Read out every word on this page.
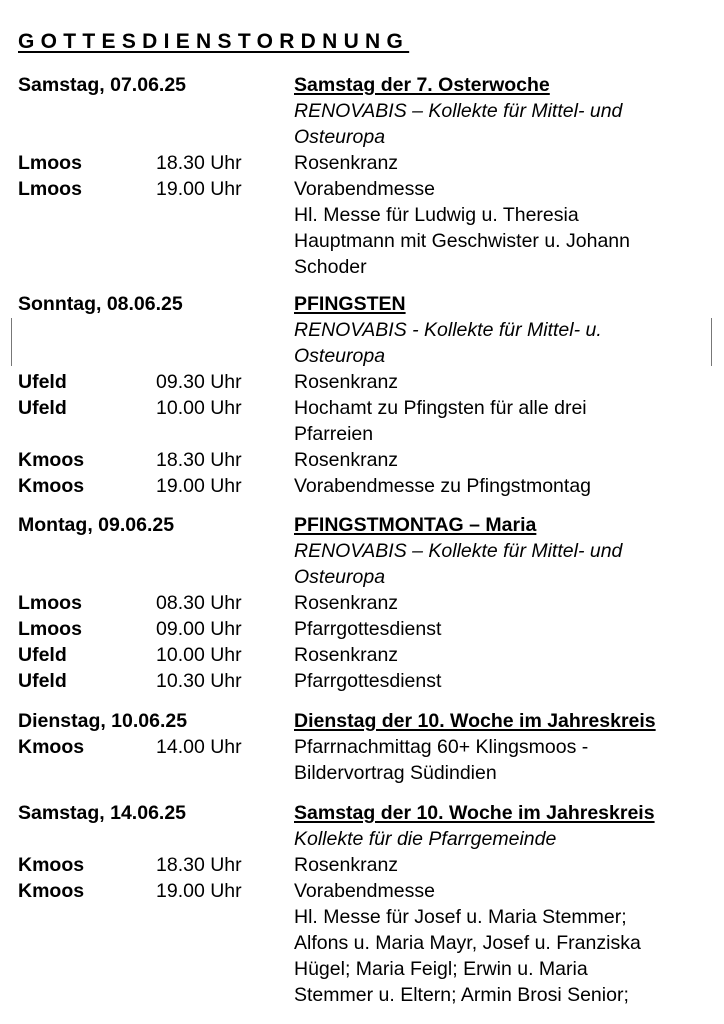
GOTTESDIENSTORDNUNG
Samstag, 07.06.25	Samstag der 7. Osterwoche
RENOVABIS – Kollekte für Mittel- und
Osteuropa
Lmoos	18.30 Uhr	Rosenkranz
Lmoos	19.00 Uhr	Vorabendmesse
Hl. Messe für Ludwig u. Theresia
Hauptmann mit Geschwister u. Johann
Schoder
Sonntag, 08.06.25	PFINGSTEN
RENOVABIS - Kollekte für Mittel- u.
Osteuropa
Ufeld	09.30 Uhr	Rosenkranz
Ufeld	10.00 Uhr	Hochamt zu Pfingsten für alle drei
Pfarreien
Kmoos	18.30 Uhr	Rosenkranz
Kmoos	19.00 Uhr	Vorabendmesse zu Pfingstmontag
Montag, 09.06.25	PFINGSTMONTAG – Maria
RENOVABIS – Kollekte für Mittel- und
Osteuropa
Lmoos	08.30 Uhr	Rosenkranz
Lmoos	09.00 Uhr	Pfarrgottesdienst
Ufeld	10.00 Uhr	Rosenkranz
Ufeld	10.30 Uhr	Pfarrgottesdienst
Dienstag, 10.06.25	Dienstag der 10. Woche im Jahreskreis
Kmoos	14.00 Uhr	Pfarrnachmittag 60+ Klingsmoos -
Bildervortrag Südindien
Samstag, 14.06.25	Samstag der 10. Woche im Jahreskreis
Kollekte für die Pfarrgemeinde
Kmoos	18.30 Uhr	Rosenkranz
Kmoos	19.00 Uhr	Vorabendmesse
Hl. Messe für Josef u. Maria Stemmer;
Alfons u. Maria Mayr, Josef u. Franziska
Hügel; Maria Feigl; Erwin u. Maria
Stemmer u. Eltern; Armin Brosi Senior;
